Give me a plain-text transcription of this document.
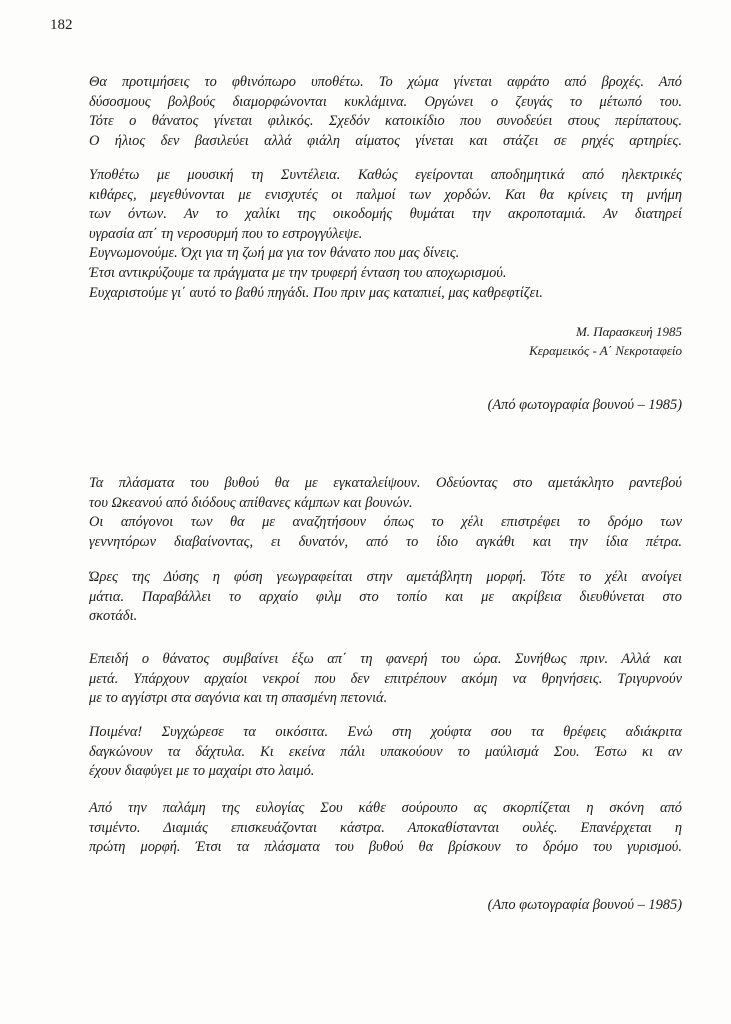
182
Θα προτιμήσεις το φθινόπωρο υποθέτω. Το χώμα γίνεται αφράτο από βροχές. Από
δύσοσμους βολβούς διαμορφώνονται κυκλάμινα. Οργώνει ο ζευγάς το μέτωπό του.
Τότε ο θάνατος γίνεται φιλικός. Σχεδόν κατοικίδιο που συνοδεύει στους περίπατους.
Ο ήλιος δεν βασιλεύει αλλά φιάλη αίματος γίνεται και στάζει σε ρηχές αρτηρίες.
Υποθέτω με μουσική τη Συντέλεια. Καθώς εγείρονται αποδημητικά από ηλεκτρικές
κιθάρες, μεγεθύνονται με ενισχυτές οι παλμοί των χορδών. Και θα κρίνεις τη μνήμη
των όντων. Αν το χαλίκι της οικοδομής θυμάται την ακροποταμιά. Αν διατηρεί
υγρασία απ΄ τη νεροσυρμή που το εστρογγύλεψε.
Ευγνωμονούμε. Όχι για τη ζωή μα για τον θάνατο που μας δίνεις.
Έτσι αντικρύζουμε τα πράγματα με την τρυφερή ένταση του αποχωρισμού.
Ευχαριστούμε γι΄ αυτό το βαθύ πηγάδι. Που πριν μας καταπιεί, μας καθρεφτίζει.
Μ. Παρασκευή 1985
Κεραμεικός - Α΄ Νεκροταφείο
(Από φωτογραφία βουνού – 1985)
Τα πλάσματα του βυθού θα με εγκαταλείψουν. Οδεύοντας στο αμετάκλητο ραντεβού
του Ωκεανού από διόδους απίθανες κάμπων και βουνών.
Οι απόγονοι των θα με αναζητήσουν όπως το χέλι επιστρέφει το δρόμο των
γεννητόρων διαβαίνοντας, ει δυνατόν, από το ίδιο αγκάθι και την ίδια πέτρα.
Ώρες της Δύσης η φύση γεωγραφείται στην αμετάβλητη μορφή. Τότε το χέλι ανοίγει
μάτια. Παραβάλλει το αρχαίο φιλμ στο τοπίο και με ακρίβεια διευθύνεται στο
σκοτάδι.
Επειδή ο θάνατος συμβαίνει έξω απ΄ τη φανερή του ώρα. Συνήθως πριν. Αλλά και
μετά. Υπάρχουν αρχαίοι νεκροί που δεν επιτρέπουν ακόμη να θρηνήσεις. Τριγυρνούν
με το αγγίστρι στα σαγόνια και τη σπασμένη πετονιά.
Ποιμένα! Συγχώρεσε τα οικόσιτα. Ενώ στη χούφτα σου τα θρέφεις αδιάκριτα
δαγκώνουν τα δάχτυλα. Κι εκείνα πάλι υπακούουν το μαύλισμά Σου. Έστω κι αν
έχουν διαφύγει με το μαχαίρι στο λαιμό.
Από την παλάμη της ευλογίας Σου κάθε σούρουπο ας σκορπίζεται η σκόνη από
τσιμέντο. Διαμιάς επισκευάζονται κάστρα. Αποκαθίστανται ουλές. Επανέρχεται η
πρώτη μορφή. Έτσι τα πλάσματα του βυθού θα βρίσκουν το δρόμο του γυρισμού.
(Απο φωτογραφία βουνού – 1985)
